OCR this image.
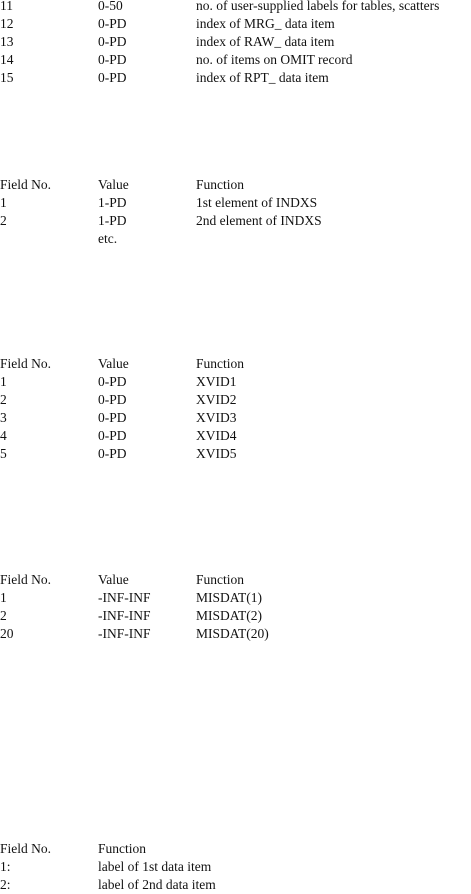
11	0-50	no. of user-supplied labels for tables, scatters
12	0-PD	index of MRG_ data item
13	0-PD	index of RAW_ data item
14	0-PD	no. of items on OMIT record
15	0-PD	index of RPT_ data item
Field No.	Value	Function
1	1-PD	1st element of INDXS
2	1-PD	2nd element of INDXS
etc.
Field No.	Value	Function
1	0-PD	XVID1
2	0-PD	XVID2
3	0-PD	XVID3
4	0-PD	XVID4
5	0-PD	XVID5
Field No.	Value	Function
1	-INF-INF	MISDAT(1)
2	-INF-INF	MISDAT(2)
20	-INF-INF	MISDAT(20)
Field No.	Function
1:	label of 1st data item
2:	label of 2nd data item
